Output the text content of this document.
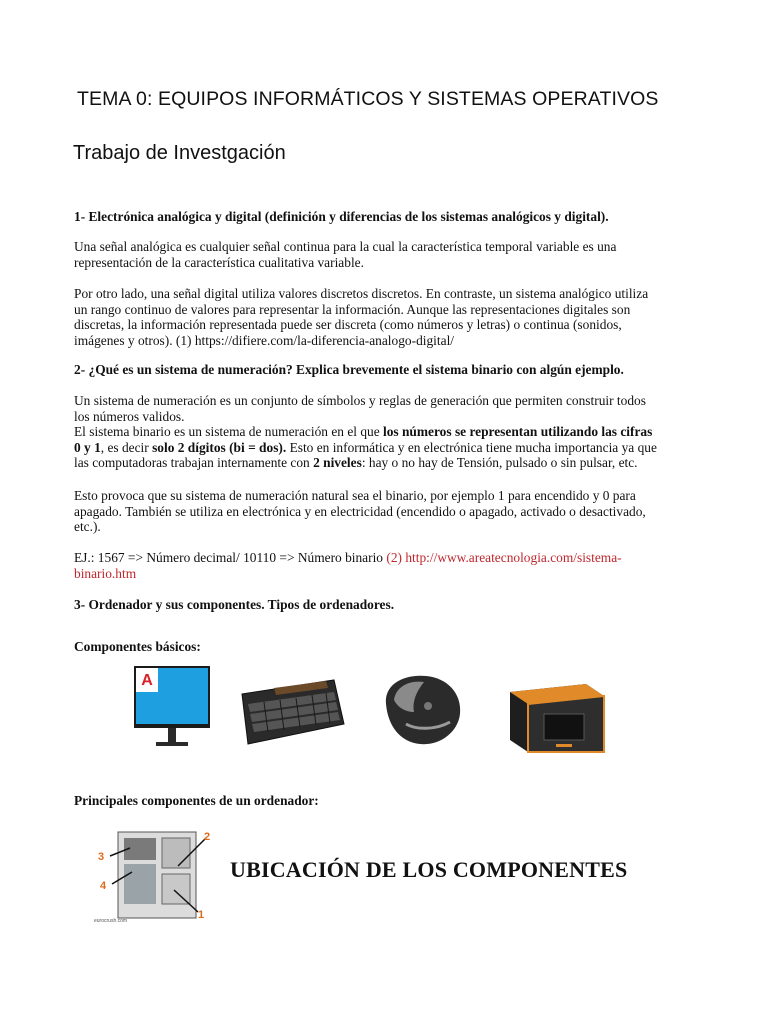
TEMA 0: EQUIPOS INFORMÁTICOS Y SISTEMAS OPERATIVOS
Trabajo de Investgación
1- Electrónica analógica y digital (definición y diferencias de los sistemas analógicos y digital).
Una señal analógica es cualquier señal continua para la cual la característica temporal variable es una
representación de la característica cualitativa variable.
Por otro lado, una señal digital utiliza valores discretos discretos. En contraste, un sistema analógico utiliza
un rango continuo de valores para representar la información. Aunque las representaciones digitales son
discretas, la información representada puede ser discreta (como números y letras) o continua (sonidos,
imágenes y otros). (1) https://difiere.com/la-diferencia-analogo-digital/
2- ¿Qué es un sistema de numeración? Explica brevemente el sistema binario con algún ejemplo.
Un sistema de numeración es un conjunto de símbolos y reglas de generación que permiten construir todos
los números validos.
El sistema binario es un sistema de numeración en el que los números se representan utilizando las cifras
0 y 1, es decir solo 2 dígitos (bi = dos). Esto en informática y en electrónica tiene mucha importancia ya que
las computadoras trabajan internamente con 2 niveles: hay o no hay de Tensión, pulsado o sin pulsar, etc.
Esto provoca que su sistema de numeración natural sea el binario, por ejemplo 1 para encendido y 0 para
apagado. También se utiliza en electrónica y en electricidad (encendido o apagado, activado o desactivado,
etc.).
EJ.: 1567 => Número decimal/ 10110 => Número binario (2) http://www.areatecnologia.com/sistema-
binario.htm
3- Ordenador y sus componentes. Tipos de ordenadores.
Componentes básicos:
A
Principales componentes de un ordenador:
3
4
2
1
eurocrush.com
UBICACIÓN DE LOS COMPONENTES
